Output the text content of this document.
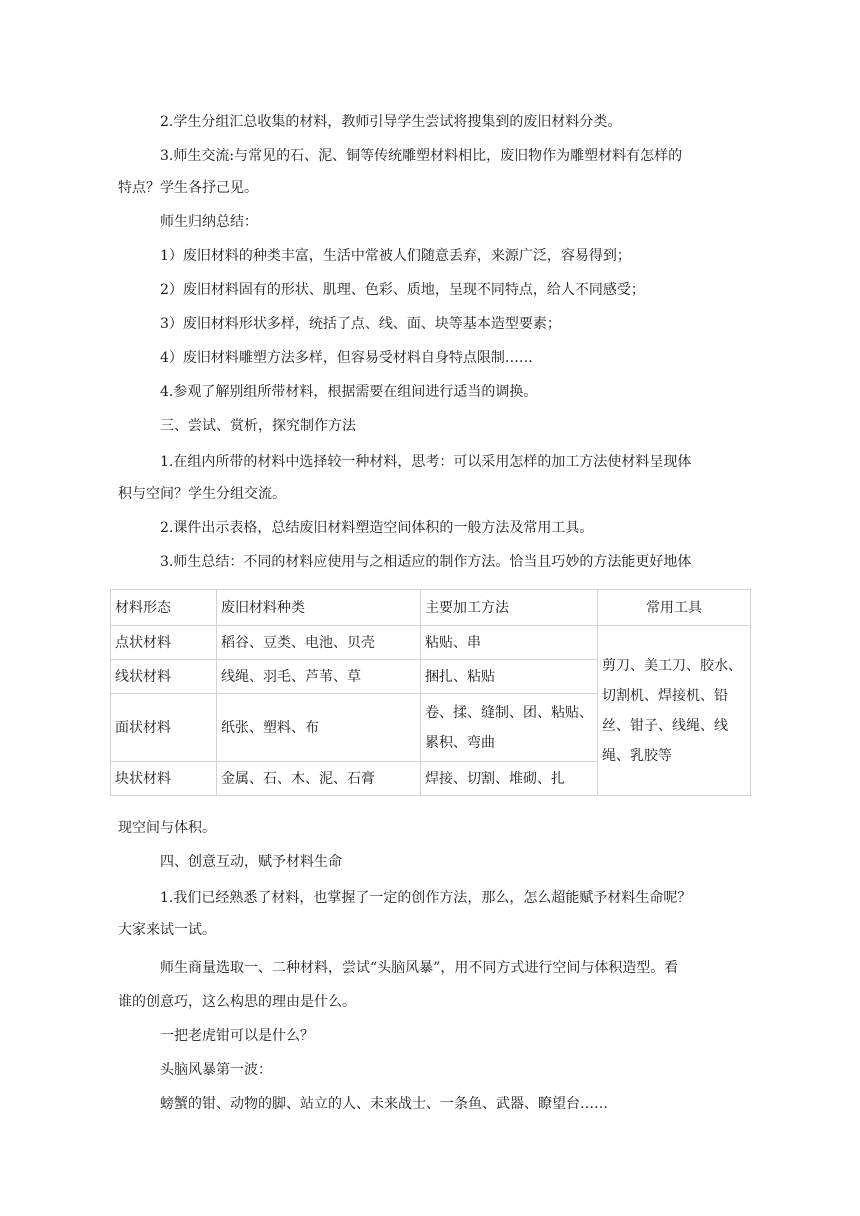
2.学生分组汇总收集的材料，教师引导学生尝试将搜集到的废旧材料分类。

3.师生交流:与常见的石、泥、铜等传统雕塑材料相比，废旧物作为雕塑材料有怎样的

特点？学生各抒己见。

师生归纳总结：

1）废旧材料的种类丰富，生活中常被人们随意丢弃，来源广泛，容易得到；

2）废旧材料固有的形状、肌理、色彩、质地，呈现不同特点，给人不同感受；

3）废旧材料形状多样，统括了点、线、面、块等基本造型要素；

4）废旧材料雕塑方法多样，但容易受材料自身特点限制……

4.参观了解别组所带材料，根据需要在组间进行适当的调换。

三、尝试、赏析，探究制作方法

1.在组内所带的材料中选择较一种材料，思考：可以采用怎样的加工方法使材料呈现体

积与空间？学生分组交流。

2.课件出示表格，总结废旧材料塑造空间体积的一般方法及常用工具。

3.师生总结：不同的材料应使用与之相适应的制作方法。恰当且巧妙的方法能更好地体

材料形态	废旧材料种类	主要加工方法	常用工具
点状材料	稻谷、豆类、电池、贝壳	粘贴、串	剪刀、美工刀、胶水、切割机、焊接机、铅丝、钳子、线绳、线绳、乳胶等
线状材料	线绳、羽毛、芦苇、草	捆扎、粘贴	
面状材料	纸张、塑料、布	卷、揉、缝制、团、粘贴、累积、弯曲	
块状材料	金属、石、木、泥、石膏	焊接、切割、堆砌、扎	

现空间与体积。

四、创意互动，赋予材料生命

1.我们已经熟悉了材料，也掌握了一定的创作方法，那么，怎么超能赋予材料生命呢？

大家来试一试。

师生商量选取一、二种材料，尝试“头脑风暴”，用不同方式进行空间与体积造型。看

谁的创意巧，这么构思的理由是什么。

一把老虎钳可以是什么？

头脑风暴第一波：

螃蟹的钳、动物的脚、站立的人、未来战士、一条鱼、武器、瞭望台……
